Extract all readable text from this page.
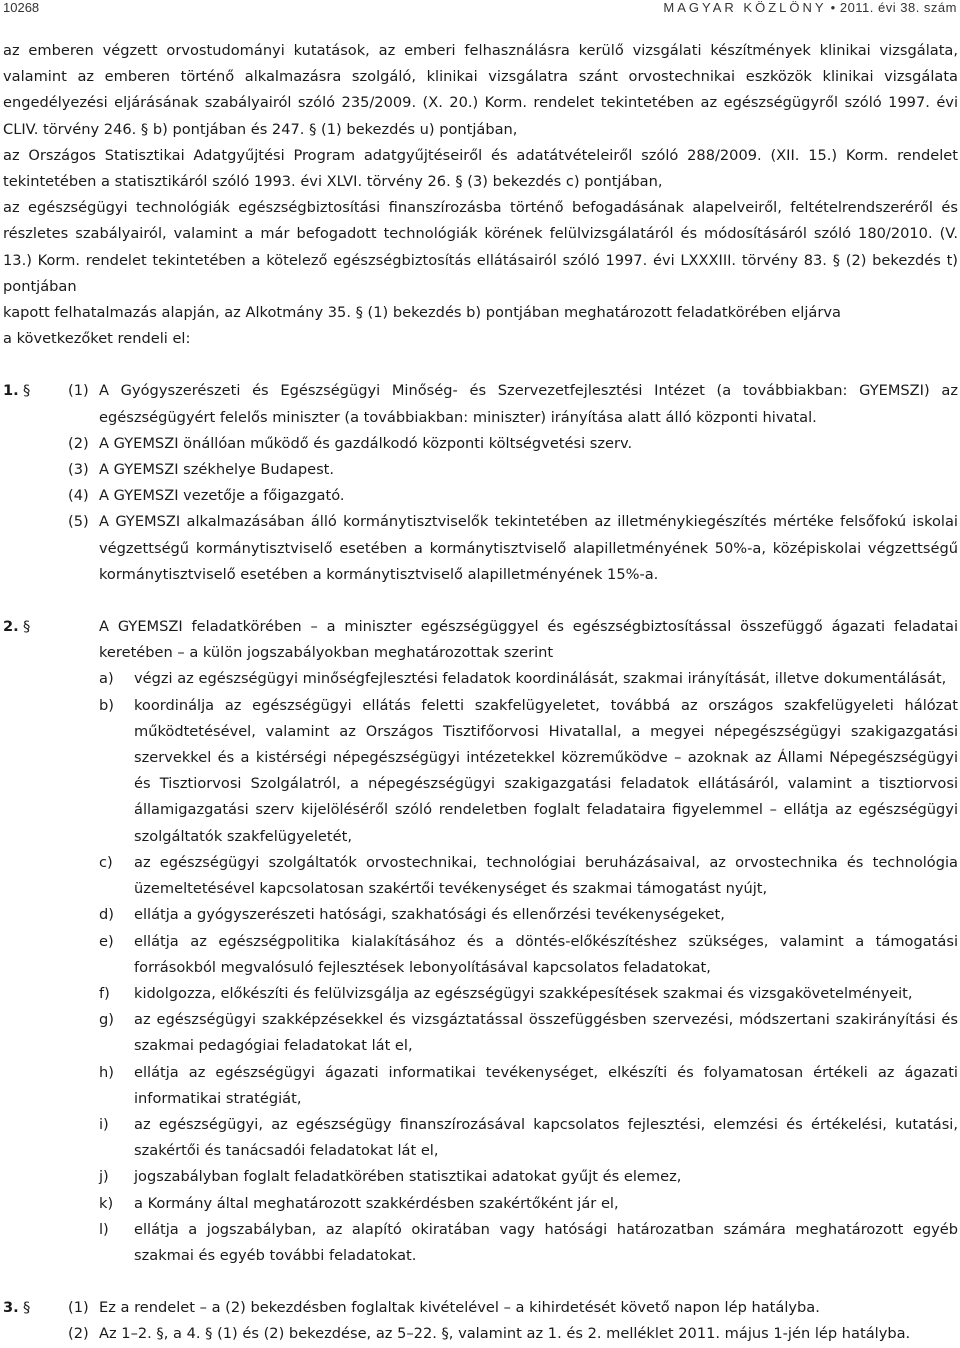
10268	MAGYAR KÖZLÖNY • 2011. évi 38. szám

az emberen végzett orvostudományi kutatások, az emberi felhasználásra kerülő vizsgálati készítmények klinikai vizsgálata, valamint az emberen történő alkalmazásra szolgáló, klinikai vizsgálatra szánt orvostechnikai eszközök klinikai vizsgálata engedélyezési eljárásának szabályairól szóló 235/2009. (X. 20.) Korm. rendelet tekintetében az egészségügyről szóló 1997. évi CLIV. törvény 246. § b) pontjában és 247. § (1) bekezdés u) pontjában,

az Országos Statisztikai Adatgyűjtési Program adatgyűjtéseiről és adatátvételeiről szóló 288/2009. (XII. 15.) Korm. rendelet tekintetében a statisztikáról szóló 1993. évi XLVI. törvény 26. § (3) bekezdés c) pontjában,

az egészségügyi technológiák egészségbiztosítási finanszírozásba történő befogadásának alapelveiről, feltételrendszeréről és részletes szabályairól, valamint a már befogadott technológiák körének felülvizsgálatáról és módosításáról szóló 180/2010. (V. 13.) Korm. rendelet tekintetében a kötelező egészségbiztosítás ellátásairól szóló 1997. évi LXXXIII. törvény 83. § (2) bekezdés t) pontjában

kapott felhatalmazás alapján, az Alkotmány 35. § (1) bekezdés b) pontjában meghatározott feladatkörében eljárva

a következőket rendeli el:

1. §	(1) A Gyógyszerészeti és Egészségügyi Minőség- és Szervezetfejlesztési Intézet (a továbbiakban: GYEMSZI) az egészségügyért felelős miniszter (a továbbiakban: miniszter) irányítása alatt álló központi hivatal.
(2) A GYEMSZI önállóan működő és gazdálkodó központi költségvetési szerv.
(3) A GYEMSZI székhelye Budapest.
(4) A GYEMSZI vezetője a főigazgató.
(5) A GYEMSZI alkalmazásában álló kormánytisztviselők tekintetében az illetménykiegészítés mértéke felsőfokú iskolai végzettségű kormánytisztviselő esetében a kormánytisztviselő alapilletményének 50%-a, középiskolai végzettségű kormánytisztviselő esetében a kormánytisztviselő alapilletményének 15%-a.
2. §	A GYEMSZI feladatkörében – a miniszter egészségüggyel és egészségbiztosítással összefüggő ágazati feladatai keretében – a külön jogszabályokban meghatározottak szerint
a) végzi az egészségügyi minőségfejlesztési feladatok koordinálását, szakmai irányítását, illetve dokumentálását,
b) koordinálja az egészségügyi ellátás feletti szakfelügyeletet, továbbá az országos szakfelügyeleti hálózat működtetésével, valamint az Országos Tisztifőorvosi Hivatallal, a megyei népegészségügyi szakigazgatási szervekkel és a kistérségi népegészségügyi intézetekkel közreműködve – azoknak az Állami Népegészségügyi és Tisztiorvosi Szolgálatról, a népegészségügyi szakigazgatási feladatok ellátásáról, valamint a tisztiorvosi államigazgatási szerv kijelöléséről szóló rendeletben foglalt feladataira figyelemmel – ellátja az egészségügyi szolgáltatók szakfelügyeletét,
c) az egészségügyi szolgáltatók orvostechnikai, technológiai beruházásaival, az orvostechnika és technológia üzemeltetésével kapcsolatosan szakértői tevékenységet és szakmai támogatást nyújt,
d) ellátja a gyógyszerészeti hatósági, szakhatósági és ellenőrzési tevékenységeket,
e) ellátja az egészségpolitika kialakításához és a döntés-előkészítéshez szükséges, valamint a támogatási forrásokból megvalósuló fejlesztések lebonyolításával kapcsolatos feladatokat,
f) kidolgozza, előkészíti és felülvizsgálja az egészségügyi szakképesítések szakmai és vizsgakövetelményeit,
g) az egészségügyi szakképzésekkel és vizsgáztatással összefüggésben szervezési, módszertani szakirányítási és szakmai pedagógiai feladatokat lát el,
h) ellátja az egészségügyi ágazati informatikai tevékenységet, elkészíti és folyamatosan értékeli az ágazati informatikai stratégiát,
i) az egészségügyi, az egészségügy finanszírozásával kapcsolatos fejlesztési, elemzési és értékelési, kutatási, szakértői és tanácsadói feladatokat lát el,
j) jogszabályban foglalt feladatkörében statisztikai adatokat gyűjt és elemez,
k) a Kormány által meghatározott szakkérdésben szakértőként jár el,
l) ellátja a jogszabályban, az alapító okiratában vagy hatósági határozatban számára meghatározott egyéb szakmai és egyéb további feladatokat.
3. §	(1) Ez a rendelet – a (2) bekezdésben foglaltak kivételével – a kihirdetését követő napon lép hatályba.
(2) Az 1–2. §, a 4. § (1) és (2) bekezdése, az 5–22. §, valamint az 1. és 2. melléklet 2011. május 1-jén lép hatályba.
